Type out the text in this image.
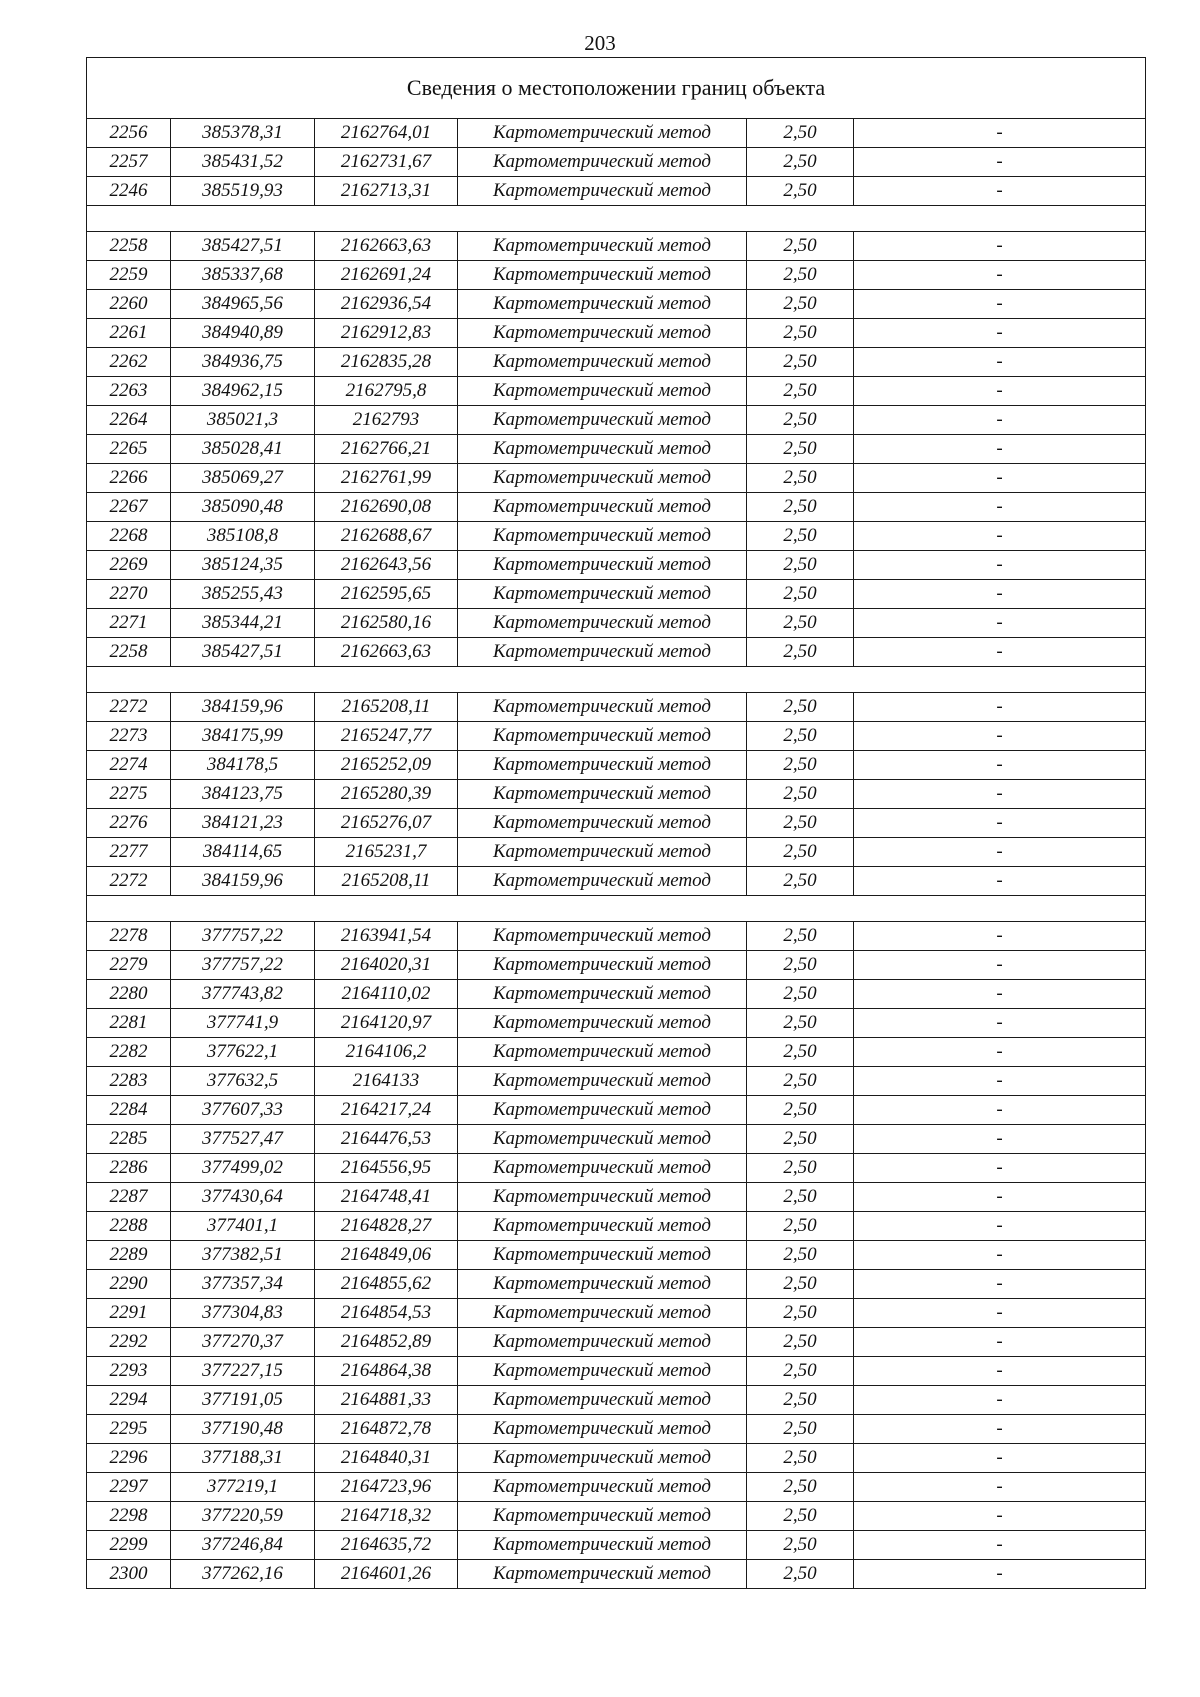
203
Сведения о местоположении границ объекта					
2256	385378,31	2162764,01	Картометрический метод	2,50	-
2257	385431,52	2162731,67	Картометрический метод	2,50	-
2246	385519,93	2162713,31	Картометрический метод	2,50	-

2258	385427,51	2162663,63	Картометрический метод	2,50	-
2259	385337,68	2162691,24	Картометрический метод	2,50	-
2260	384965,56	2162936,54	Картометрический метод	2,50	-
2261	384940,89	2162912,83	Картометрический метод	2,50	-
2262	384936,75	2162835,28	Картометрический метод	2,50	-
2263	384962,15	2162795,8	Картометрический метод	2,50	-
2264	385021,3	2162793	Картометрический метод	2,50	-
2265	385028,41	2162766,21	Картометрический метод	2,50	-
2266	385069,27	2162761,99	Картометрический метод	2,50	-
2267	385090,48	2162690,08	Картометрический метод	2,50	-
2268	385108,8	2162688,67	Картометрический метод	2,50	-
2269	385124,35	2162643,56	Картометрический метод	2,50	-
2270	385255,43	2162595,65	Картометрический метод	2,50	-
2271	385344,21	2162580,16	Картометрический метод	2,50	-
2258	385427,51	2162663,63	Картометрический метод	2,50	-

2272	384159,96	2165208,11	Картометрический метод	2,50	-
2273	384175,99	2165247,77	Картометрический метод	2,50	-
2274	384178,5	2165252,09	Картометрический метод	2,50	-
2275	384123,75	2165280,39	Картометрический метод	2,50	-
2276	384121,23	2165276,07	Картометрический метод	2,50	-
2277	384114,65	2165231,7	Картометрический метод	2,50	-
2272	384159,96	2165208,11	Картометрический метод	2,50	-

2278	377757,22	2163941,54	Картометрический метод	2,50	-
2279	377757,22	2164020,31	Картометрический метод	2,50	-
2280	377743,82	2164110,02	Картометрический метод	2,50	-
2281	377741,9	2164120,97	Картометрический метод	2,50	-
2282	377622,1	2164106,2	Картометрический метод	2,50	-
2283	377632,5	2164133	Картометрический метод	2,50	-
2284	377607,33	2164217,24	Картометрический метод	2,50	-
2285	377527,47	2164476,53	Картометрический метод	2,50	-
2286	377499,02	2164556,95	Картометрический метод	2,50	-
2287	377430,64	2164748,41	Картометрический метод	2,50	-
2288	377401,1	2164828,27	Картометрический метод	2,50	-
2289	377382,51	2164849,06	Картометрический метод	2,50	-
2290	377357,34	2164855,62	Картометрический метод	2,50	-
2291	377304,83	2164854,53	Картометрический метод	2,50	-
2292	377270,37	2164852,89	Картометрический метод	2,50	-
2293	377227,15	2164864,38	Картометрический метод	2,50	-
2294	377191,05	2164881,33	Картометрический метод	2,50	-
2295	377190,48	2164872,78	Картометрический метод	2,50	-
2296	377188,31	2164840,31	Картометрический метод	2,50	-
2297	377219,1	2164723,96	Картометрический метод	2,50	-
2298	377220,59	2164718,32	Картометрический метод	2,50	-
2299	377246,84	2164635,72	Картометрический метод	2,50	-
2300	377262,16	2164601,26	Картометрический метод	2,50	-
